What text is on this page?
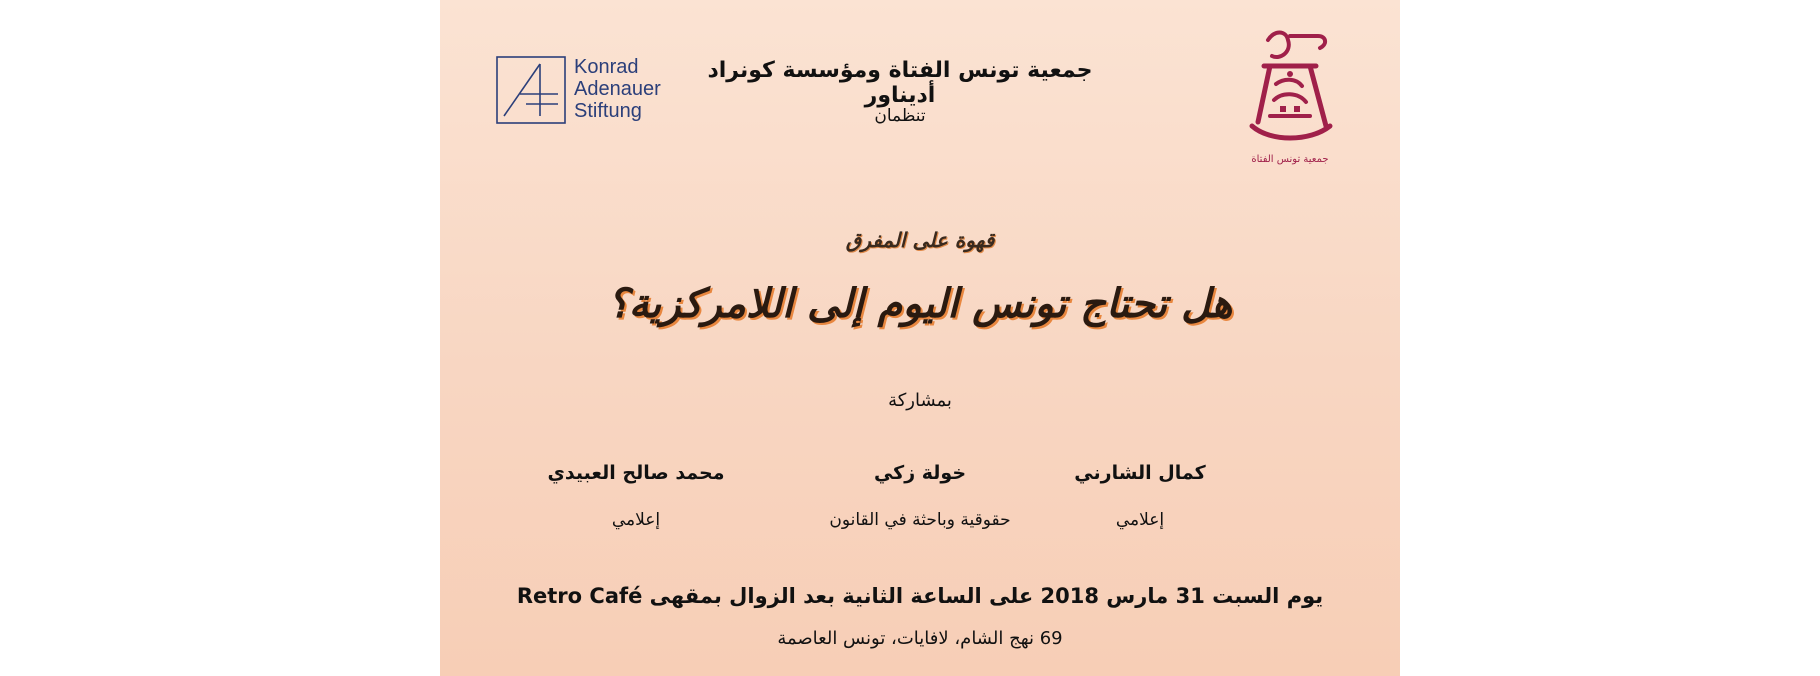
Konrad
Adenauer
Stiftung
جمعية تونس الفتاة ومؤسسة كونراد أديناور
تنظمان
جمعية تونس الفتاة
قهوة على المفرق
هل تحتاج تونس اليوم إلى اللامركزية؟
بمشاركة
كمال الشارني
إعلامي
خولة زكي
حقوقية وباحثة في القانون
محمد صالح العبيدي
إعلامي
يوم السبت 31 مارس 2018 على الساعة الثانية بعد الزوال بمقهى Retro Café
69 نهج الشام، لافايات، تونس العاصمة
